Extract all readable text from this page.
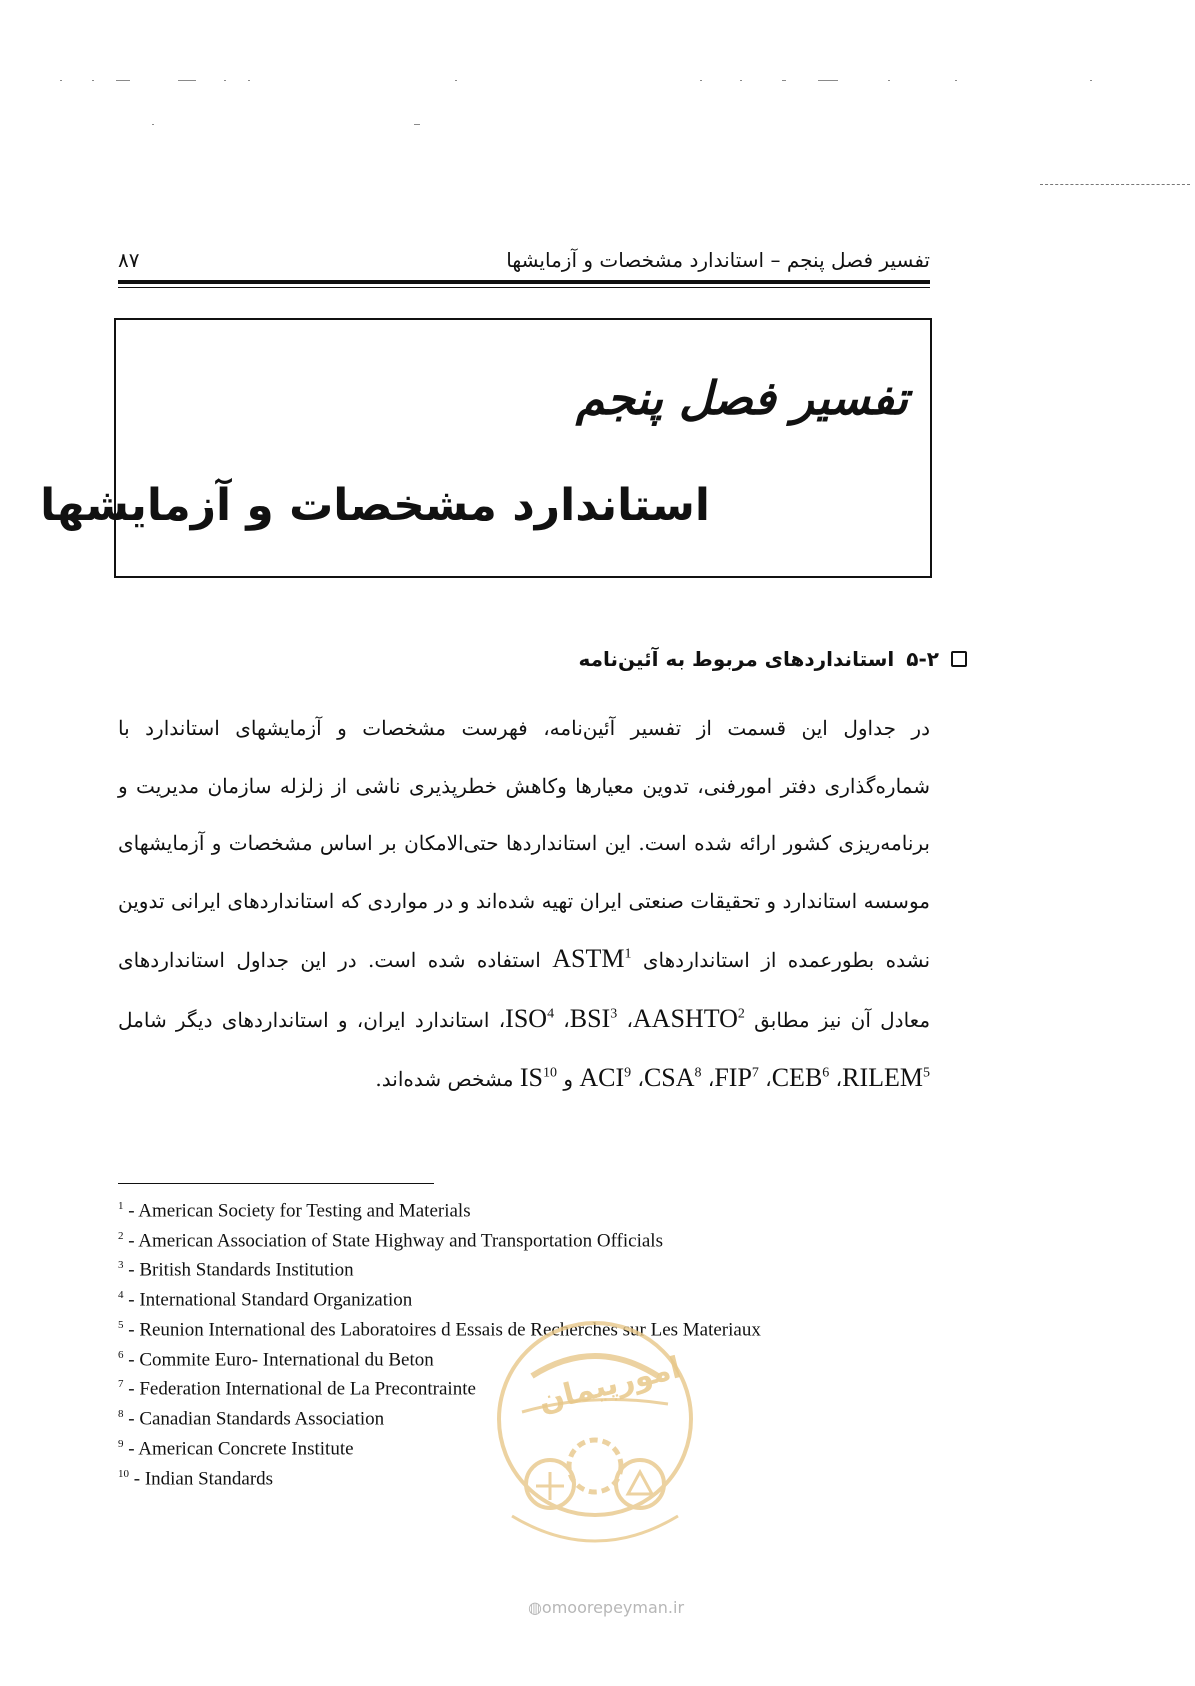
تفسیر فصل پنجم – استاندارد مشخصات و آزمایشها
۸۷
تفسیر فصل پنجم
استاندارد مشخصات و آزمایشها
۵-۲
استانداردهای مربوط به آئین‌نامه
در جداول این قسمت از تفسیر آئین‌نامه، فهرست مشخصات و آزمایشهای استاندارد با شماره‌گذاری دفتر امورفنی، تدوین معیارها وکاهش خطرپذیری ناشی از زلزله سازمان مدیریت و برنامه‌ریزی کشور ارائه شده است. این استانداردها حتی‌الامکان بر اساس مشخصات و آزمایشهای موسسه استاندارد و تحقیقات صنعتی ایران تهیه شده‌اند و در مواردی که استانداردهای ایرانی تدوین نشده بطورعمده از استانداردهای ASTM$^1$ استفاده شده است. در این جداول استانداردهای معادل آن نیز مطابق AASHTO$^2$، BSI$^3$، ISO$^4$، استاندارد ایران، و استانداردهای دیگر شامل RILEM$^5$، CEB$^6$، FIP$^7$، CSA$^8$، ACI$^9$ و IS$^{10}$ مشخص شده‌اند.
$^1$ - American Society for Testing and Materials
$^2$ - American Association of State Highway and Transportation Officials
$^3$ - British Standards Institution
$^4$ - International Standard Organization
$^5$ - Reunion International des Laboratoires d Essais de Recherches sur Les Materiaux
$^6$ - Commite Euro- International du Beton
$^7$ - Federation International de La Precontrainte
$^8$ - Canadian Standards Association
$^9$ - American Concrete Institute
$^{10}$ - Indian Standards
امورپیمان
◍omoorepeyman.ir
